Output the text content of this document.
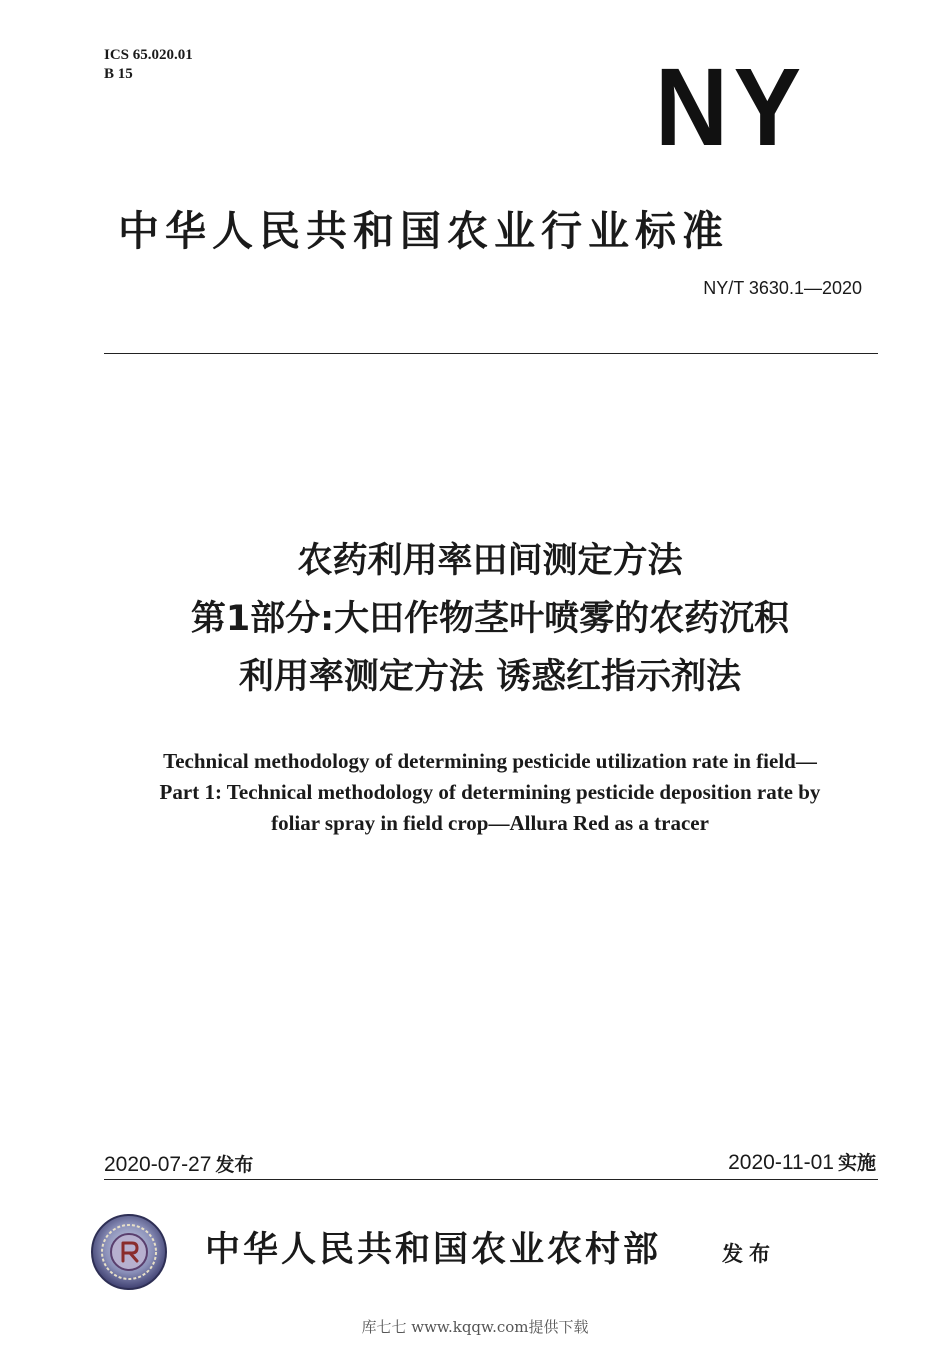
ICS 65.020.01
B 15	NY
中华人民共和国农业行业标准
NY/T 3630.1—2020
农药利用率田间测定方法
第1部分:大田作物茎叶喷雾的农药沉积
利用率测定方法 诱惑红指示剂法
Technical methodology of determining pesticide utilization rate in field—
Part 1: Technical methodology of determining pesticide deposition rate by
foliar spray in field crop—Allura Red as a tracer
2020-07-27 发布	2020-11-01 实施
中华人民共和国农业农村部	发布
库七七 www.kqqw.com提供下载
